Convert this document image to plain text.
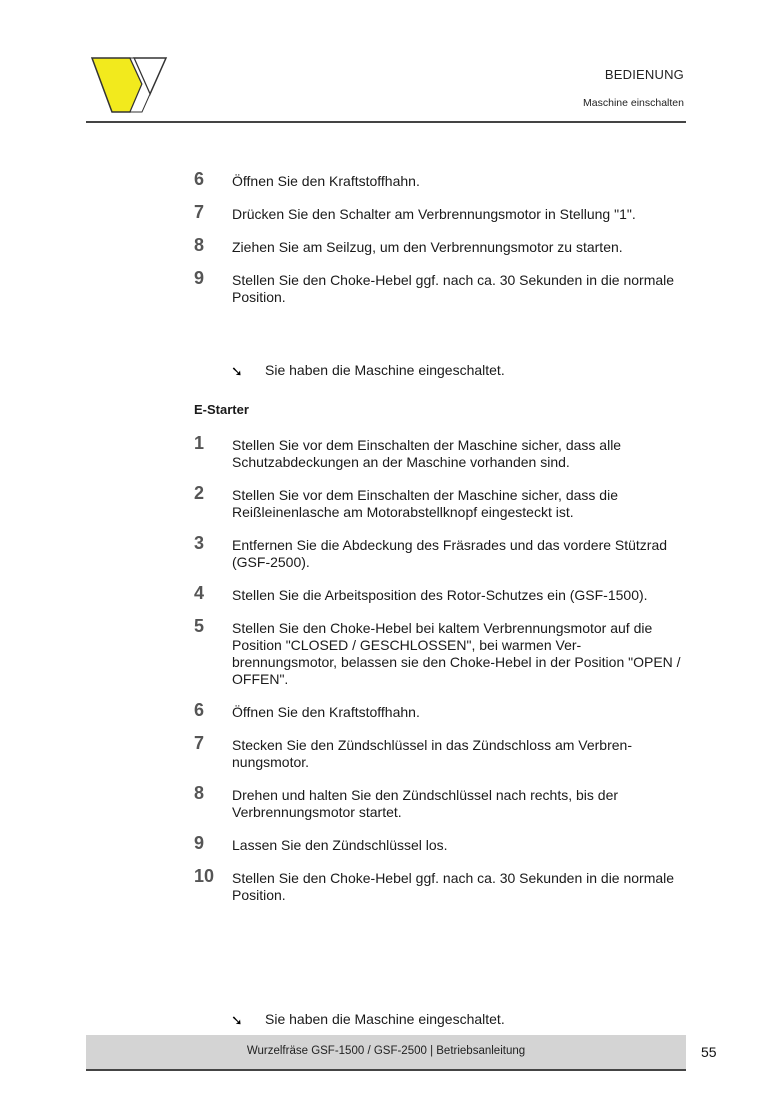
BEDIENUNG
Maschine einschalten
6 Öffnen Sie den Kraftstoffhahn.
7 Drücken Sie den Schalter am Verbrennungsmotor in Stellung "1".
8 Ziehen Sie am Seilzug, um den Verbrennungsmotor zu starten.
9 Stellen Sie den Choke-Hebel ggf. nach ca. 30 Sekunden in die normale Position.
➘ Sie haben die Maschine eingeschaltet.
E-Starter
1 Stellen Sie vor dem Einschalten der Maschine sicher, dass alle Schutzabdeckungen an der Maschine vorhanden sind.
2 Stellen Sie vor dem Einschalten der Maschine sicher, dass die Reißleinenlasche am Motorabstellknopf eingesteckt ist.
3 Entfernen Sie die Abdeckung des Fräsrades und das vordere Stützrad (GSF-2500).
4 Stellen Sie die Arbeitsposition des Rotor-Schutzes ein (GSF-1500).
5 Stellen Sie den Choke-Hebel bei kaltem Verbrennungsmotor auf die Position "CLOSED / GESCHLOSSEN", bei warmen Ver-brennungsmotor, belassen sie den Choke-Hebel in der Position "OPEN / OFFEN".
6 Öffnen Sie den Kraftstoffhahn.
7 Stecken Sie den Zündschlüssel in das Zündschloss am Verbren-nungsmotor.
8 Drehen und halten Sie den Zündschlüssel nach rechts, bis der Verbrennungsmotor startet.
9 Lassen Sie den Zündschlüssel los.
10 Stellen Sie den Choke-Hebel ggf. nach ca. 30 Sekunden in die normale Position.
➘ Sie haben die Maschine eingeschaltet.
Wurzelfräse GSF-1500 / GSF-2500 | Betriebsanleitung	55
